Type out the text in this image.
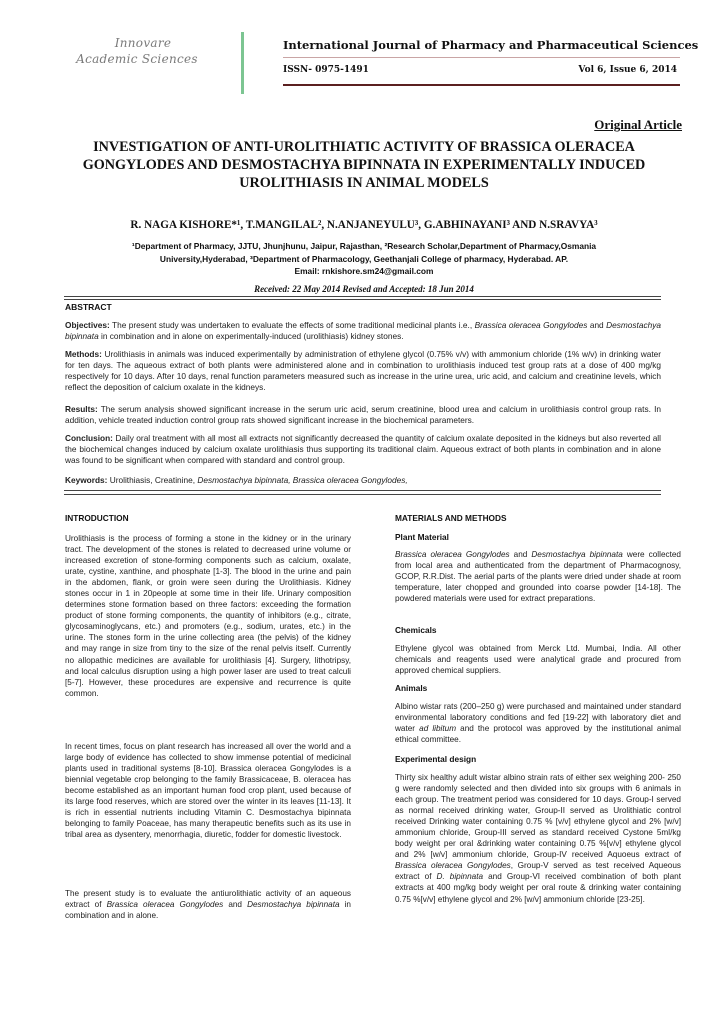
Innovare
Academic Sciences
International Journal of Pharmacy and Pharmaceutical Sciences
ISSN- 0975-1491	Vol 6, Issue 6, 2014
Original Article
INVESTIGATION OF ANTI-UROLITHIATIC ACTIVITY OF BRASSICA OLERACEA GONGYLODES AND DESMOSTACHYA BIPINNATA IN EXPERIMENTALLY INDUCED UROLITHIASIS IN ANIMAL MODELS
R. NAGA KISHORE*¹, T.MANGILAL², N.ANJANEYULU³, G.ABHINAYANI³ AND N.SRAVYA³
¹Department of Pharmacy, JJTU, Jhunjhunu, Jaipur, Rajasthan, ²Research Scholar,Department of Pharmacy,Osmania
University,Hyderabad, ³Department of Pharmacology, Geethanjali College of pharmacy, Hyderabad. AP.
Email: rnkishore.sm24@gmail.com
Received: 22 May 2014 Revised and Accepted: 18 Jun 2014
ABSTRACT
Objectives: The present study was undertaken to evaluate the effects of some traditional medicinal plants i.e., Brassica oleracea Gongylodes and Desmostachya bipinnata in combination and in alone on experimentally-induced (urolithiasis) kidney stones.
Methods: Urolithiasis in animals was induced experimentally by administration of ethylene glycol (0.75% v/v) with ammonium chloride (1% w/v) in drinking water for ten days. The aqueous extract of both plants were administered alone and in combination to urolithiasis induced test group rats at a dose of 400 mg/kg respectively for 10 days. After 10 days, renal function parameters measured such as increase in the urine urea, uric acid, and calcium and creatinine levels, which reflect the deposition of calcium oxalate in the kidneys.
Results: The serum analysis showed significant increase in the serum uric acid, serum creatinine, blood urea and calcium in urolithiasis control group rats. In addition, vehicle treated induction control group rats showed significant increase in the biochemical parameters.
Conclusion: Daily oral treatment with all most all extracts not significantly decreased the quantity of calcium oxalate deposited in the kidneys but also reverted all the biochemical changes induced by calcium oxalate urolithiasis thus supporting its traditional claim. Aqueous extract of both plants in combination and in alone was found to be significant when compared with standard and control group.
Keywords: Urolithiasis, Creatinine, Desmostachya bipinnata, Brassica oleracea Gongylodes,
INTRODUCTION

Urolithiasis is the process of forming a stone in the kidney or in the urinary tract. The development of the stones is related to decreased urine volume or increased excretion of stone-forming components such as calcium, oxalate, urate, cystine, xanthine, and phosphate [1-3]. The blood in the urine and pain in the abdomen, flank, or groin were seen during the Urolithiasis. Kidney stones occur in 1 in 20people at some time in their life. Urinary composition determines stone formation based on three factors: exceeding the formation product of stone forming components, the quantity of inhibitors (e.g., citrate, glycosaminoglycans, etc.) and promoters (e.g., sodium, urates, etc.) in the urine. The stones form in the urine collecting area (the pelvis) of the kidney and may range in size from tiny to the size of the renal pelvis itself. Currently no allopathic medicines are available for urolithiasis [4]. Surgery, lithotripsy, and local calculus disruption using a high power laser are used to treat calculi [5-7]. However, these procedures are expensive and recurrence is quite common.

In recent times, focus on plant research has increased all over the world and a large body of evidence has collected to show immense potential of medicinal plants used in traditional systems [8-10]. Brassica oleracea Gongylodes is a biennial vegetable crop belonging to the family Brassicaceae, B. oleracea has become established as an important human food crop plant, used because of its large food reserves, which are stored over the winter in its leaves [11-13]. It is rich in essential nutrients including Vitamin C. Desmostachya bipinnata belonging to family Poaceae, has many therapeutic benefits such as its use in tribal area as dysentery, menorrhagia, diuretic, fodder for domestic livestock.

The present study is to evaluate the antiurolithiatic activity of an aqueous extract of Brassica oleracea Gongylodes and Desmostachya bipinnata in combination and in alone.

MATERIALS AND METHODS
Plant Material

Brassica oleracea Gongylodes and Desmostachya bipinnata were collected from local area and authenticated from the department of Pharmacognosy, GCOP, R.R.Dist. The aerial parts of the plants were dried under shade at room temperature, later chopped and grounded into coarse powder [14-18]. The powdered materials were used for extract preparations.

Chemicals

Ethylene glycol was obtained from Merck Ltd. Mumbai, India. All other chemicals and reagents used were analytical grade and procured from approved chemical suppliers.

Animals

Albino wistar rats (200–250 g) were purchased and maintained under standard environmental laboratory conditions and fed [19-22] with laboratory diet and water ad libitum and the protocol was approved by the institutional animal ethical committee.

Experimental design

Thirty six healthy adult wistar albino strain rats of either sex weighing 200- 250 g were randomly selected and then divided into six groups with 6 animals in each group. The treatment period was considered for 10 days. Group-I served as normal received drinking water, Group-II served as Urolithiatic control received Drinking water containing 0.75 % [v/v] ethylene glycol and 2% [w/v] ammonium chloride, Group-III served as standard received Cystone 5ml/kg body weight per oral &drinking water containing 0.75 %[v/v] ethylene glycol and 2% [w/v] ammonium chloride, Group-IV received Aquoeus extract of Brassica oleracea Gongylodes, Group-V served as test received Aqueous extract of D. bipinnata and Group-VI received combination of both plant extracts at 400 mg/kg body weight per oral route & drinking water containing 0.75 %[v/v] ethylene glycol and 2% [w/v] ammonium chloride [23-25].
